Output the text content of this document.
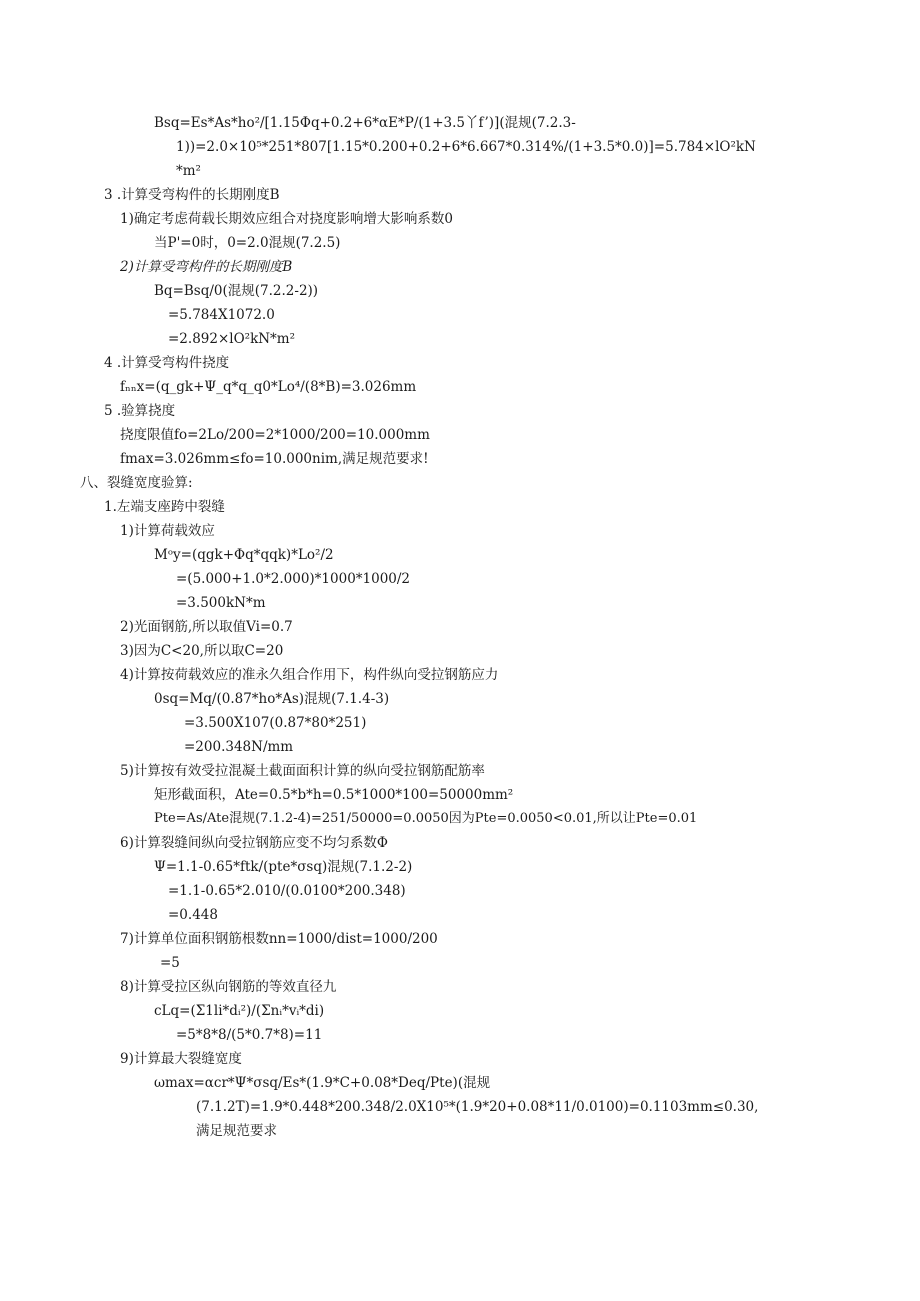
Bsq=Es*As*ho²/[1.15Φq+0.2+6*αE*P/(1+3.5丫f’)](混规(7.2.3-
1))=2.0×10⁵*251*807[1.15*0.200+0.2+6*6.667*0.314%/(1+3.5*0.0)]=5.784×lO²kN
*m²
3 .计算受弯构件的长期刚度B
1)确定考虑荷载长期效应组合对挠度影响增大影响系数0
当P'=0时，0=2.0混规(7.2.5)
2)计算受弯构件的长期刚度B
Bq=Bsq/0(混规(7.2.2-2))
=5.784X1072.0
=2.892×lO²kN*m²
4 .计算受弯构件挠度
fₙₙx=(q_gk+Ψ_q*q_q0*Lo⁴/(8*B)=3.026mm
5 .验算挠度
挠度限值fo=2Lo/200=2*1000/200=10.000mm
fmax=3.026mm≤fo=10.000nim,满足规范要求!
八、裂缝宽度验算:
1.左端支座跨中裂缝
1)计算荷载效应
Mᵒy=(qgk+Φq*qqk)*Lo²/2
=(5.000+1.0*2.000)*1000*1000/2
=3.500kN*m
2)光面钢筋,所以取值Vi=0.7
3)因为C<20,所以取C=20
4)计算按荷载效应的准永久组合作用下，构件纵向受拉钢筋应力
0sq=Mq/(0.87*ho*As)混规(7.1.4-3)
=3.500X107(0.87*80*251)
=200.348N/mm
5)计算按有效受拉混凝土截面面积计算的纵向受拉钢筋配筋率
矩形截面积，Ate=0.5*b*h=0.5*1000*100=50000mm²
Pte=As/Ate混规(7.1.2-4)=251/50000=0.0050因为Pte=0.0050<0.01,所以让Pte=0.01
6)计算裂缝间纵向受拉钢筋应变不均匀系数Φ
Ψ=1.1-0.65*ftk/(pte*σsq)混规(7.1.2-2)
=1.1-0.65*2.010/(0.0100*200.348)
=0.448
7)计算单位面积钢筋根数nn=1000/dist=1000/200
=5
8)计算受拉区纵向钢筋的等效直径九
cLq=(Σ1li*dᵢ²)/(Σnᵢ*vᵢ*di)
=5*8*8/(5*0.7*8)=11
9)计算最大裂缝宽度
ωmax=αcr*Ψ*σsq/Es*(1.9*C+0.08*Deq/Pte)(混规
(7.1.2T)=1.9*0.448*200.348/2.0X10⁵*(1.9*20+0.08*11/0.0100)=0.1103mm≤0.30,
满足规范要求
